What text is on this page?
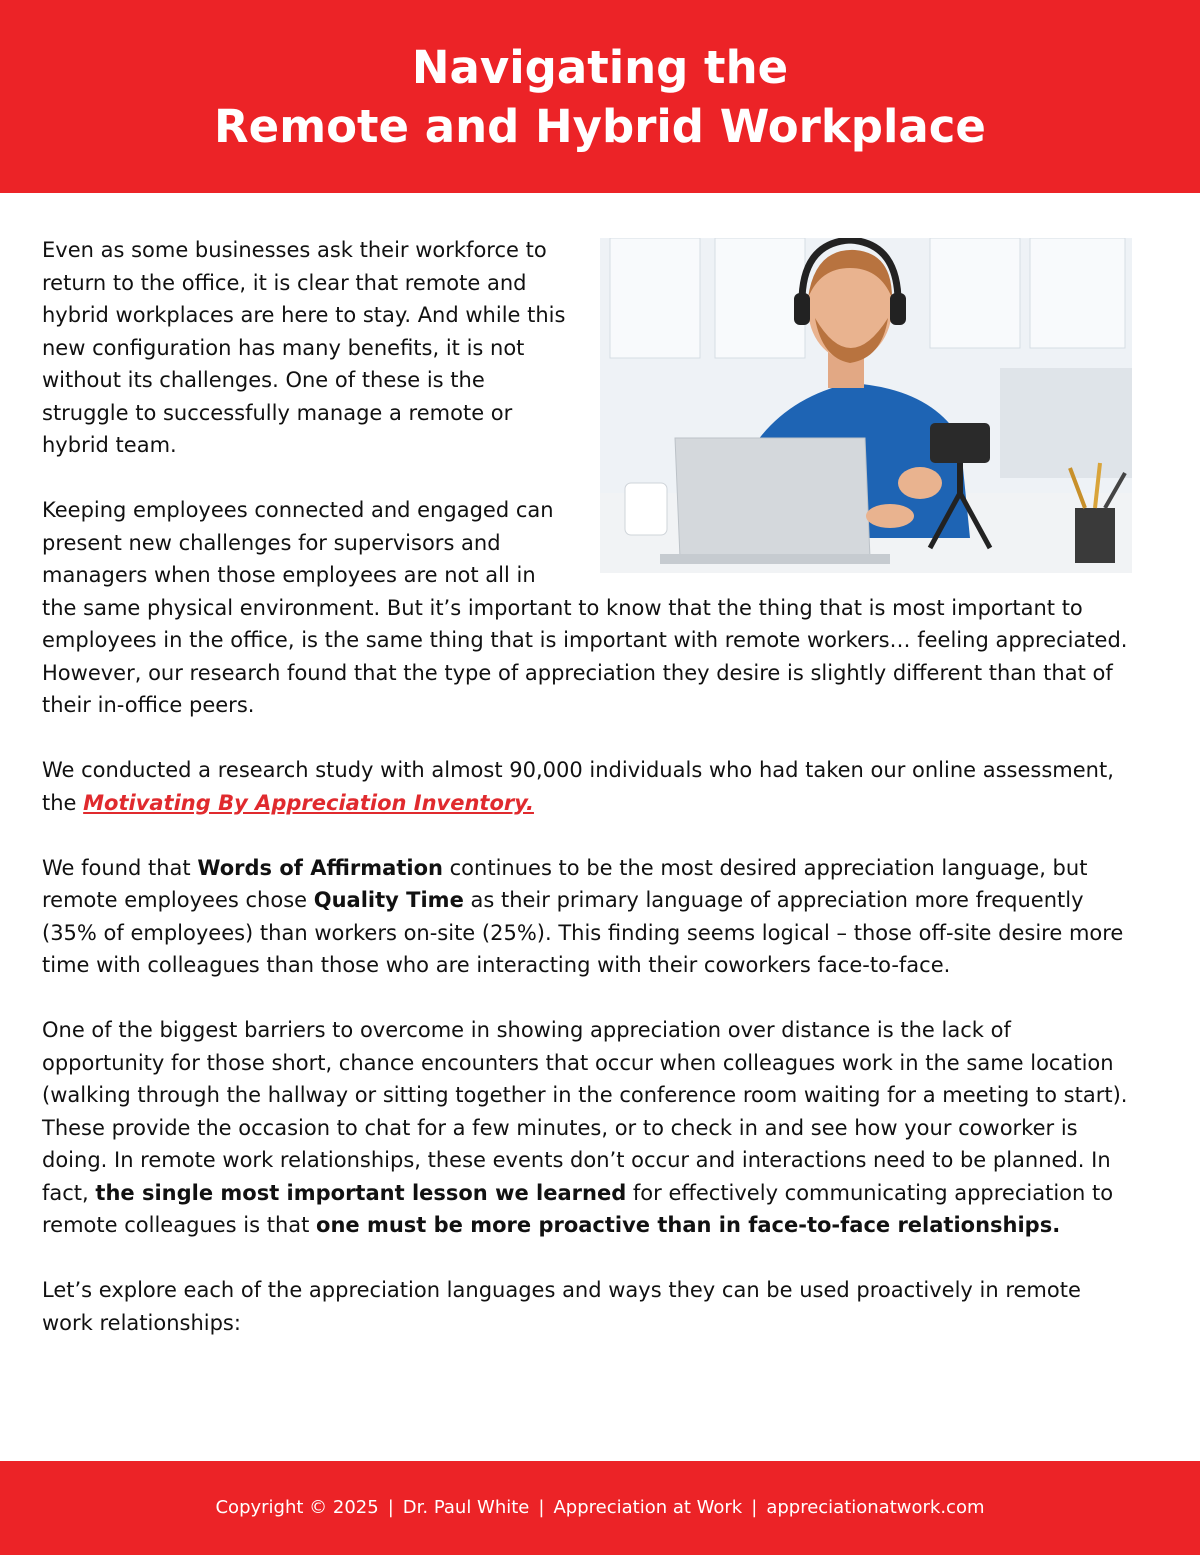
Navigating the
Remote and Hybrid Workplace

Even as some businesses ask their workforce to return to the office, it is clear that remote and hybrid workplaces are here to stay. And while this new configuration has many benefits, it is not without its challenges. One of these is the struggle to successfully manage a remote or hybrid team.

Keeping employees connected and engaged can present new challenges for supervisors and managers when those employees are not all in the same physical environment. But it’s important to know that the thing that is most important to employees in the office, is the same thing that is important with remote workers… feeling appreciated. However, our research found that the type of appreciation they desire is slightly different than that of their in-office peers.

We conducted a research study with almost 90,000 individuals who had taken our online assessment, the Motivating By Appreciation Inventory.

We found that Words of Affirmation continues to be the most desired appreciation language, but remote employees chose Quality Time as their primary language of appreciation more frequently (35% of employees) than workers on-site (25%). This finding seems logical – those off-site desire more time with colleagues than those who are interacting with their coworkers face-to-face.

One of the biggest barriers to overcome in showing appreciation over distance is the lack of opportunity for those short, chance encounters that occur when colleagues work in the same location (walking through the hallway or sitting together in the conference room waiting for a meeting to start). These provide the occasion to chat for a few minutes, or to check in and see how your coworker is doing. In remote work relationships, these events don’t occur and interactions need to be planned. In fact, the single most important lesson we learned for effectively communicating appreciation to remote colleagues is that one must be more proactive than in face-to-face relationships.

Let’s explore each of the appreciation languages and ways they can be used proactively in remote work relationships:

Copyright © 2025 | Dr. Paul White | Appreciation at Work | appreciationatwork.com
